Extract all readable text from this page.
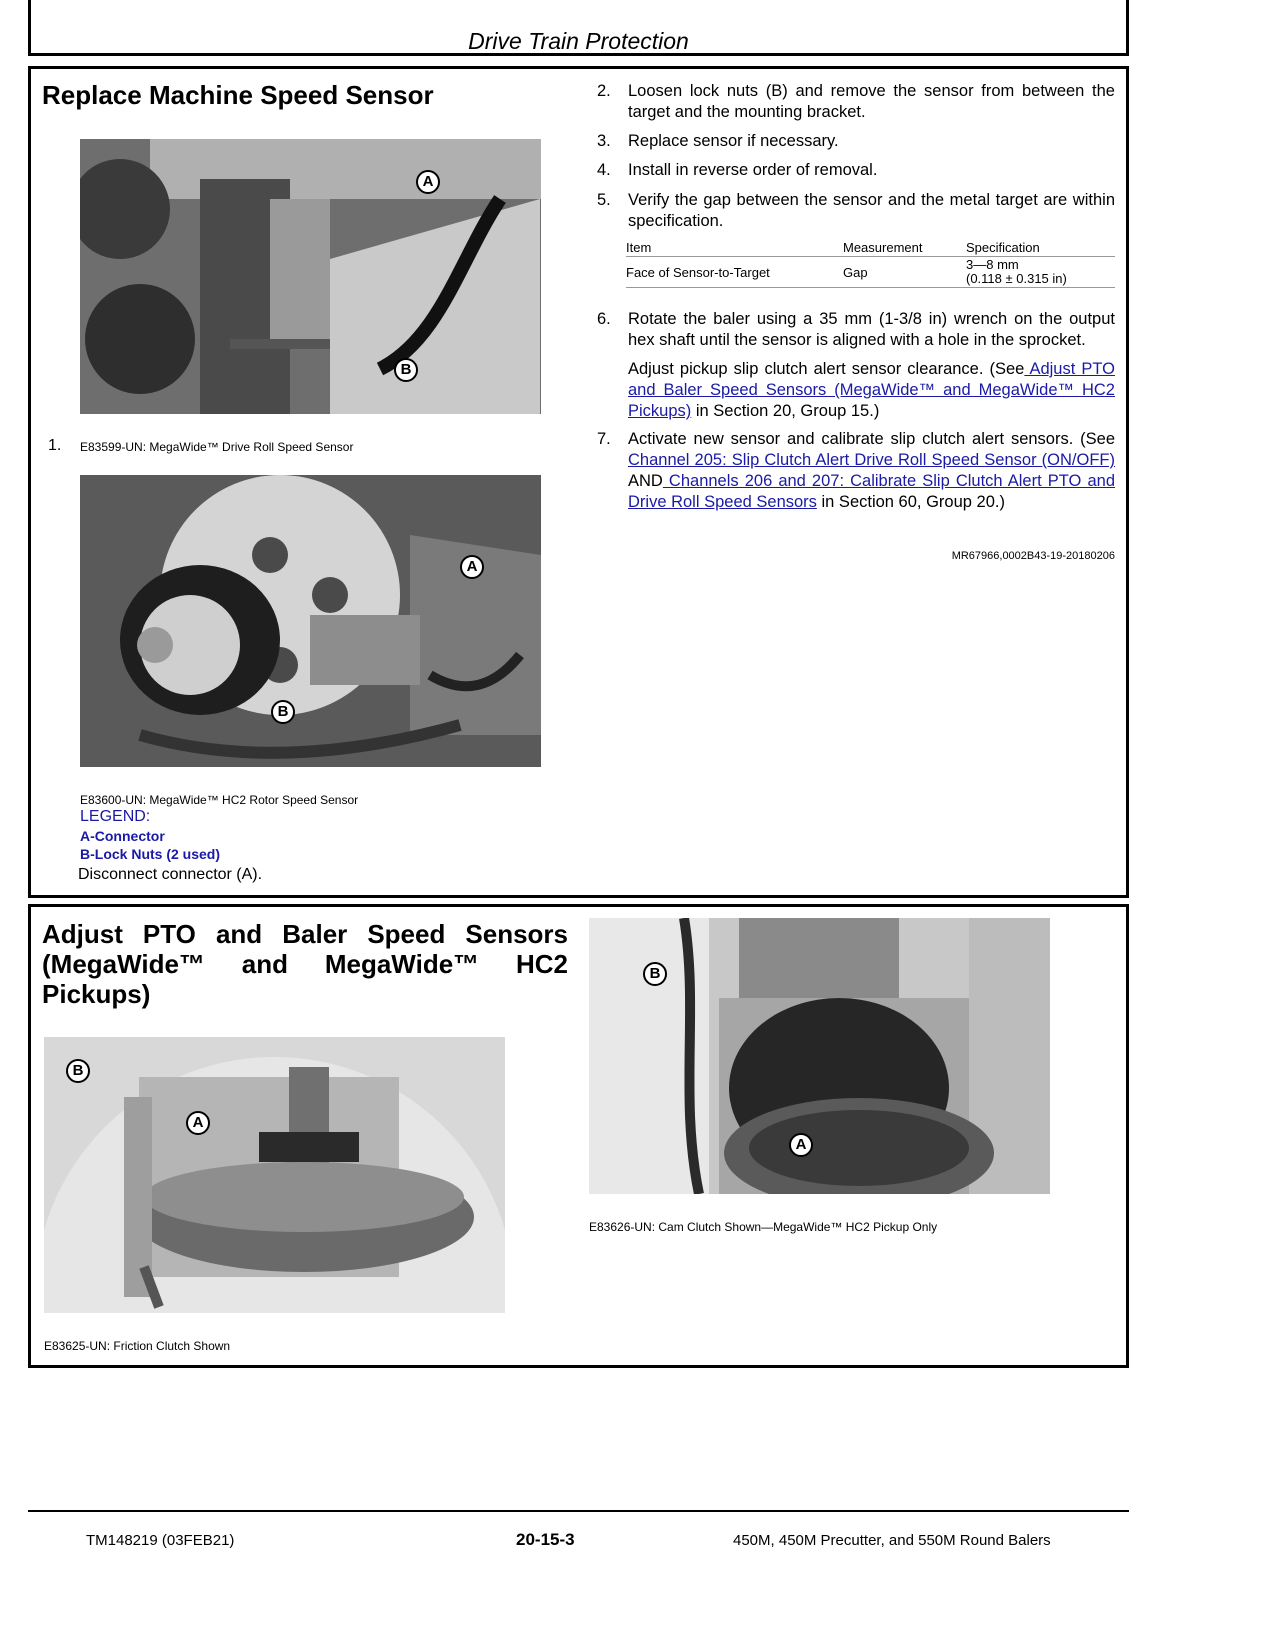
Drive Train Protection
Replace Machine Speed Sensor
A
B
1. E83599-UN: MegaWide™ Drive Roll Speed Sensor
A
B
E83600-UN: MegaWide™ HC2 Rotor Speed Sensor
LEGEND:
A-Connector
B-Lock Nuts (2 used)
Disconnect connector (A).
2. Loosen lock nuts (B) and remove the sensor from between the target and the mounting bracket.
3. Replace sensor if necessary.
4. Install in reverse order of removal.
5. Verify the gap between the sensor and the metal target are within specification.
Item	Measurement	Specification
Face of Sensor-to-Target	Gap	3—8 mm
(0.118 ± 0.315 in)
6. Rotate the baler using a 35 mm (1-3/8 in) wrench on the output hex shaft until the sensor is aligned with a hole in the sprocket.
Adjust pickup slip clutch alert sensor clearance. (See Adjust PTO and Baler Speed Sensors (MegaWide™ and MegaWide™ HC2 Pickups) in Section 20, Group 15.)
7. Activate new sensor and calibrate slip clutch alert sensors. (See Channel 205: Slip Clutch Alert Drive Roll Speed Sensor (ON/OFF) AND Channels 206 and 207: Calibrate Slip Clutch Alert PTO and Drive Roll Speed Sensors in Section 60, Group 20.)
MR67966,0002B43-19-20180206
Adjust PTO and Baler Speed Sensors (MegaWide™ and MegaWide™ HC2 Pickups)
A
B
E83625-UN: Friction Clutch Shown
A
B
E83626-UN: Cam Clutch Shown—MegaWide™ HC2 Pickup Only
TM148219 (03FEB21)	20-15-3	450M, 450M Precutter, and 550M Round Balers
